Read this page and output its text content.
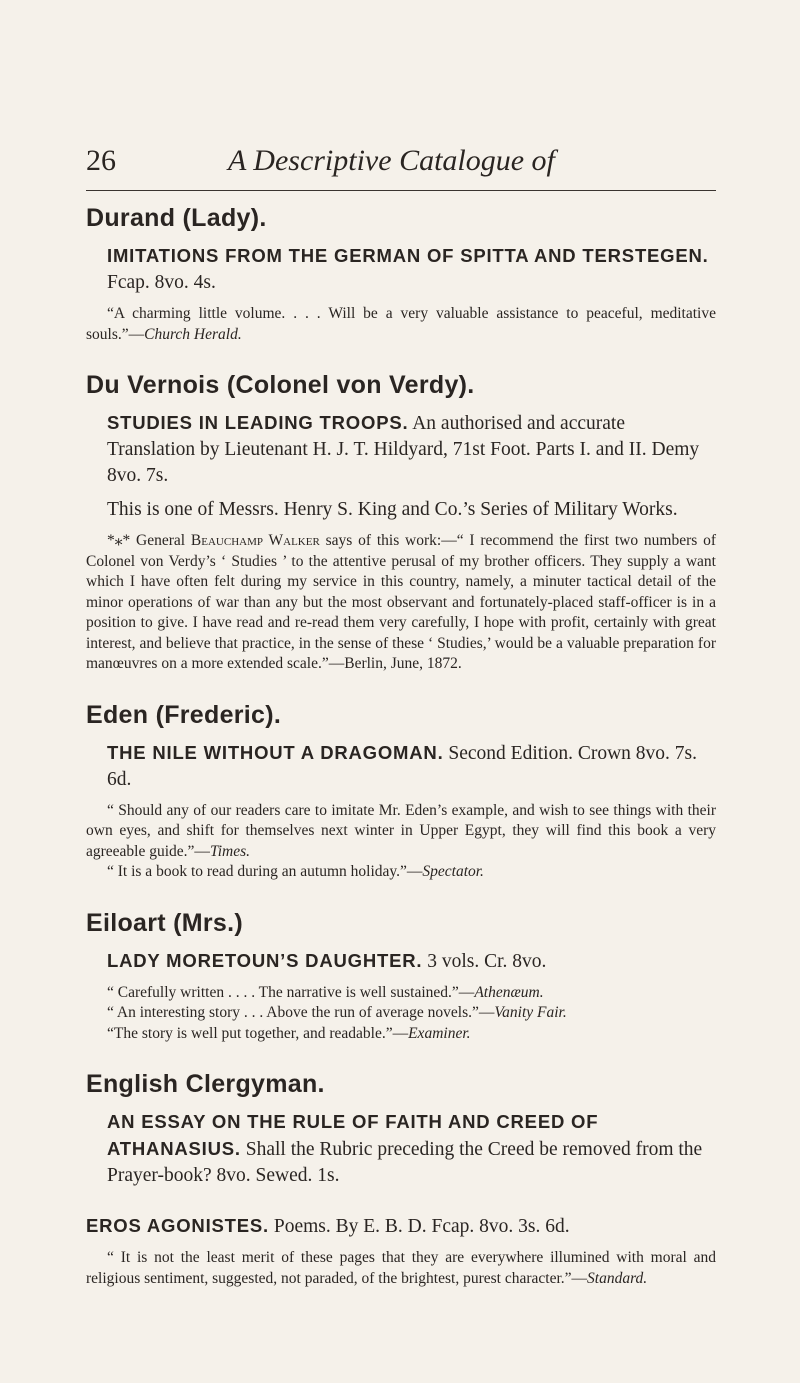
26	A Descriptive Catalogue of
Durand (Lady).

IMITATIONS FROM THE GERMAN OF SPITTA AND TERSTEGEN. Fcap. 8vo. 4s.

“A charming little volume. . . . Will be a very valuable assistance to peaceful, meditative souls.”—Church Herald.

Du Vernois (Colonel von Verdy).

STUDIES IN LEADING TROOPS. An authorised and accurate Translation by Lieutenant H. J. T. Hildyard, 71st Foot. Parts I. and II. Demy 8vo. 7s.

This is one of Messrs. Henry S. King and Co.’s Series of Military Works.

*⁎* General Beauchamp Walker says of this work:—“ I recommend the first two numbers of Colonel von Verdy’s ‘ Studies ’ to the attentive perusal of my brother officers. They supply a want which I have often felt during my service in this country, namely, a minuter tactical detail of the minor operations of war than any but the most observant and fortunately-placed staff-officer is in a position to give. I have read and re-read them very carefully, I hope with profit, certainly with great interest, and believe that practice, in the sense of these ‘ Studies,’ would be a valuable preparation for manœuvres on a more extended scale.”—Berlin, June, 1872.

Eden (Frederic).

THE NILE WITHOUT A DRAGOMAN. Second Edition. Crown 8vo. 7s. 6d.

“ Should any of our readers care to imitate Mr. Eden’s example, and wish to see things with their own eyes, and shift for themselves next winter in Upper Egypt, they will find this book a very agreeable guide.”—Times.

“ It is a book to read during an autumn holiday.”—Spectator.

Eiloart (Mrs.)

LADY MORETOUN’S DAUGHTER. 3 vols. Cr. 8vo.

“ Carefully written . . . . The narrative is well sustained.”—Athenæum.

“ An interesting story . . . Above the run of average novels.”—Vanity Fair.

“The story is well put together, and readable.”—Examiner.

English Clergyman.

AN ESSAY ON THE RULE OF FAITH AND CREED OF ATHANASIUS. Shall the Rubric preceding the Creed be removed from the Prayer-book? 8vo. Sewed. 1s.

EROS AGONISTES. Poems. By E. B. D. Fcap. 8vo. 3s. 6d.

“ It is not the least merit of these pages that they are everywhere illumined with moral and religious sentiment, suggested, not paraded, of the brightest, purest character.”—Standard.
